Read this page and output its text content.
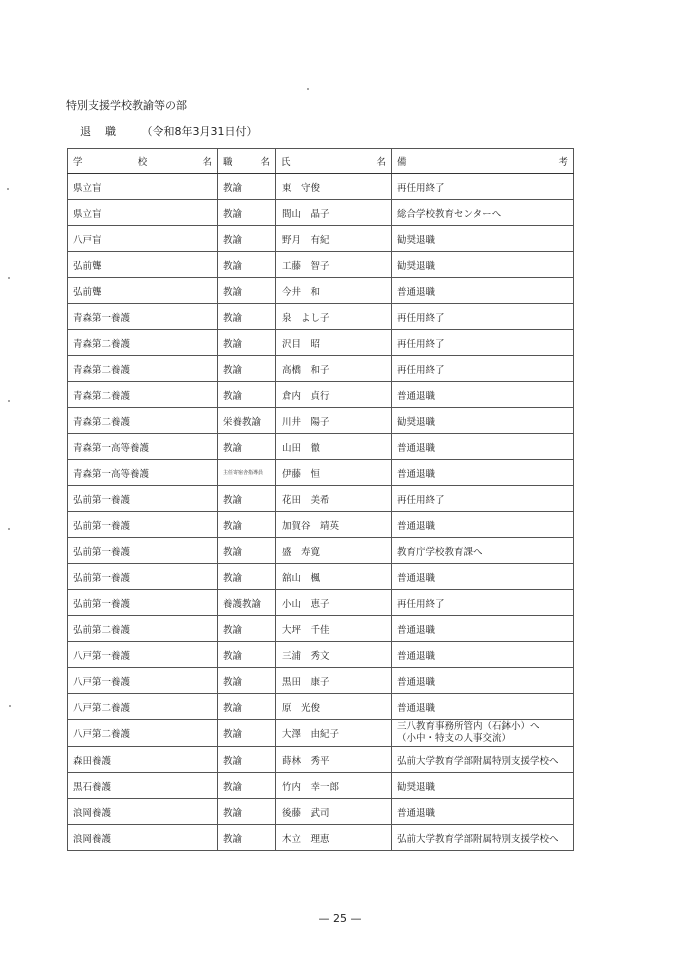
特別支援学校教諭等の部
退職 （令和8年3月31日付）
学 校 名	職 名	氏 名	備 考

県立盲	教諭	東　守俊	再任用終了
県立盲	教諭	間山　晶子	総合学校教育センターへ
八戸盲	教諭	野月　有紀	勧奨退職
弘前聾	教諭	工藤　智子	勧奨退職
弘前聾	教諭	今井　和	普通退職
青森第一養護	教諭	泉　よし子	再任用終了
青森第二養護	教諭	沢目　昭	再任用終了
青森第二養護	教諭	高橋　和子	再任用終了
青森第二養護	教諭	倉内　貞行	普通退職
青森第二養護	栄養教諭	川井　陽子	勧奨退職
青森第一高等養護	教諭	山田　徹	普通退職
青森第一高等養護	主任寄宿舎指導員	伊藤　恒	普通退職
弘前第一養護	教諭	花田　美希	再任用終了
弘前第一養護	教諭	加賀谷　靖英	普通退職
弘前第一養護	教諭	盛　寿寛	教育庁学校教育課へ
弘前第一養護	教諭	舘山　楓	普通退職
弘前第一養護	養護教諭	小山　恵子	再任用終了
弘前第二養護	教諭	大坪　千佳	普通退職
八戸第一養護	教諭	三浦　秀文	普通退職
八戸第一養護	教諭	黒田　康子	普通退職
八戸第二養護	教諭	原　光俊	普通退職
八戸第二養護	教諭	大澤　由紀子	三八教育事務所管内（石鉢小）へ
（小中・特支の人事交流）
森田養護	教諭	蒔林　秀平	弘前大学教育学部附属特別支援学校へ
黒石養護	教諭	竹内　幸一郎	勧奨退職
浪岡養護	教諭	後藤　武司	普通退職
浪岡養護	教諭	木立　理恵	弘前大学教育学部附属特別支援学校へ
— 25 —
